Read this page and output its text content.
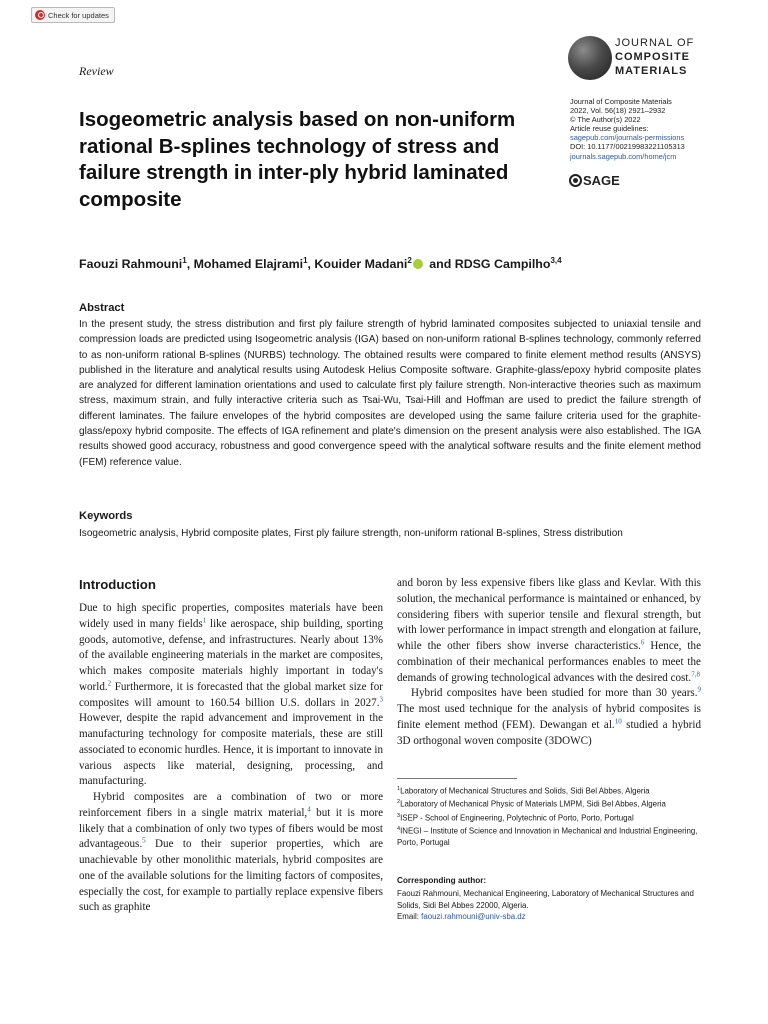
Check for updates
Review
JOURNAL OF
COMPOSITE
MATERIALS
Journal of Composite Materials
2022, Vol. 56(18) 2921–2932
© The Author(s) 2022
Article reuse guidelines:
sagepub.com/journals-permissions
DOI: 10.1177/00219983221105313
journals.sagepub.com/home/jcm
SAGE
Isogeometric analysis based on non-uniform rational B-splines technology of stress and failure strength in inter-ply hybrid laminated composite
Faouzi Rahmouni$^1$, Mohamed Elajrami$^1$, Kouider Madani$^2$ and RDSG Campilho$^{3,4}$
Abstract

In the present study, the stress distribution and first ply failure strength of hybrid laminated composites subjected to uniaxial tensile and compression loads are predicted using Isogeometric analysis (IGA) based on non-uniform rational B-splines technology, commonly referred to as non-uniform rational B-splines (NURBS) technology. The obtained results were compared to finite element method results (ANSYS) published in the literature and analytical results using Autodesk Helius Composite software. Graphite-glass/epoxy hybrid composite plates are analyzed for different lamination orientations and used to calculate first ply failure strength. Non-interactive theories such as maximum stress, maximum strain, and fully interactive criteria such as Tsai-Wu, Tsai-Hill and Hoffman are used to predict the failure strength of different laminates. The failure envelopes of the hybrid composites are developed using the same failure criteria used for the graphite-glass/epoxy hybrid composite. The effects of IGA refinement and plate's dimension on the present analysis were also established. The IGA results showed good accuracy, robustness and good convergence speed with the analytical software results and the finite element method (FEM) reference value.

Keywords

Isogeometric analysis, Hybrid composite plates, First ply failure strength, non-uniform rational B-splines, Stress distribution

Introduction

Due to high specific properties, composites materials have been widely used in many fields$^1$ like aerospace, ship building, sporting goods, automotive, defense, and infrastructures. Nearly about 13% of the available engineering materials in the market are composites, which makes composite materials highly important in today's world.$^2$ Furthermore, it is forecasted that the global market size for composites will amount to 160.54 billion U.S. dollars in 2027.$^3$ However, despite the rapid advancement and improvement in the manufacturing technology for composite materials, these are still associated to economic hurdles. Hence, it is important to innovate in various aspects like material, designing, processing, and manufacturing.

Hybrid composites are a combination of two or more reinforcement fibers in a single matrix material,$^4$ but it is more likely that a combination of only two types of fibers would be most advantageous.$^5$ Due to their superior properties, which are unachievable by other monolithic materials, hybrid composites are one of the available solutions for the limiting factors of composites, especially the cost, for example to partially replace expensive fibers such as graphite

and boron by less expensive fibers like glass and Kevlar. With this solution, the mechanical performance is maintained or enhanced, by considering fibers with superior tensile and flexural strength, but with lower performance in impact strength and elongation at failure, while the other fibers show inverse characteristics.$^6$ Hence, the combination of their mechanical performances enables to meet the demands of growing technological advances with the desired cost.$^{7,8}$

Hybrid composites have been studied for more than 30 years.$^9$ The most used technique for the analysis of hybrid composites is finite element method (FEM). Dewangan et al.$^{10}$ studied a hybrid 3D orthogonal woven composite (3DOWC)

$^1$Laboratory of Mechanical Structures and Solids, Sidi Bel Abbes, Algeria
$^2$Laboratory of Mechanical Physic of Materials LMPM, Sidi Bel Abbes, Algeria
$^3$ISEP - School of Engineering, Polytechnic of Porto, Porto, Portugal
$^4$INEGI – Institute of Science and Innovation in Mechanical and Industrial Engineering, Porto, Portugal
Corresponding author:
Faouzi Rahmouni, Mechanical Engineering, Laboratory of Mechanical Structures and Solids, Sidi Bel Abbes 22000, Algeria.
Email: faouzi.rahmouni@univ-sba.dz
